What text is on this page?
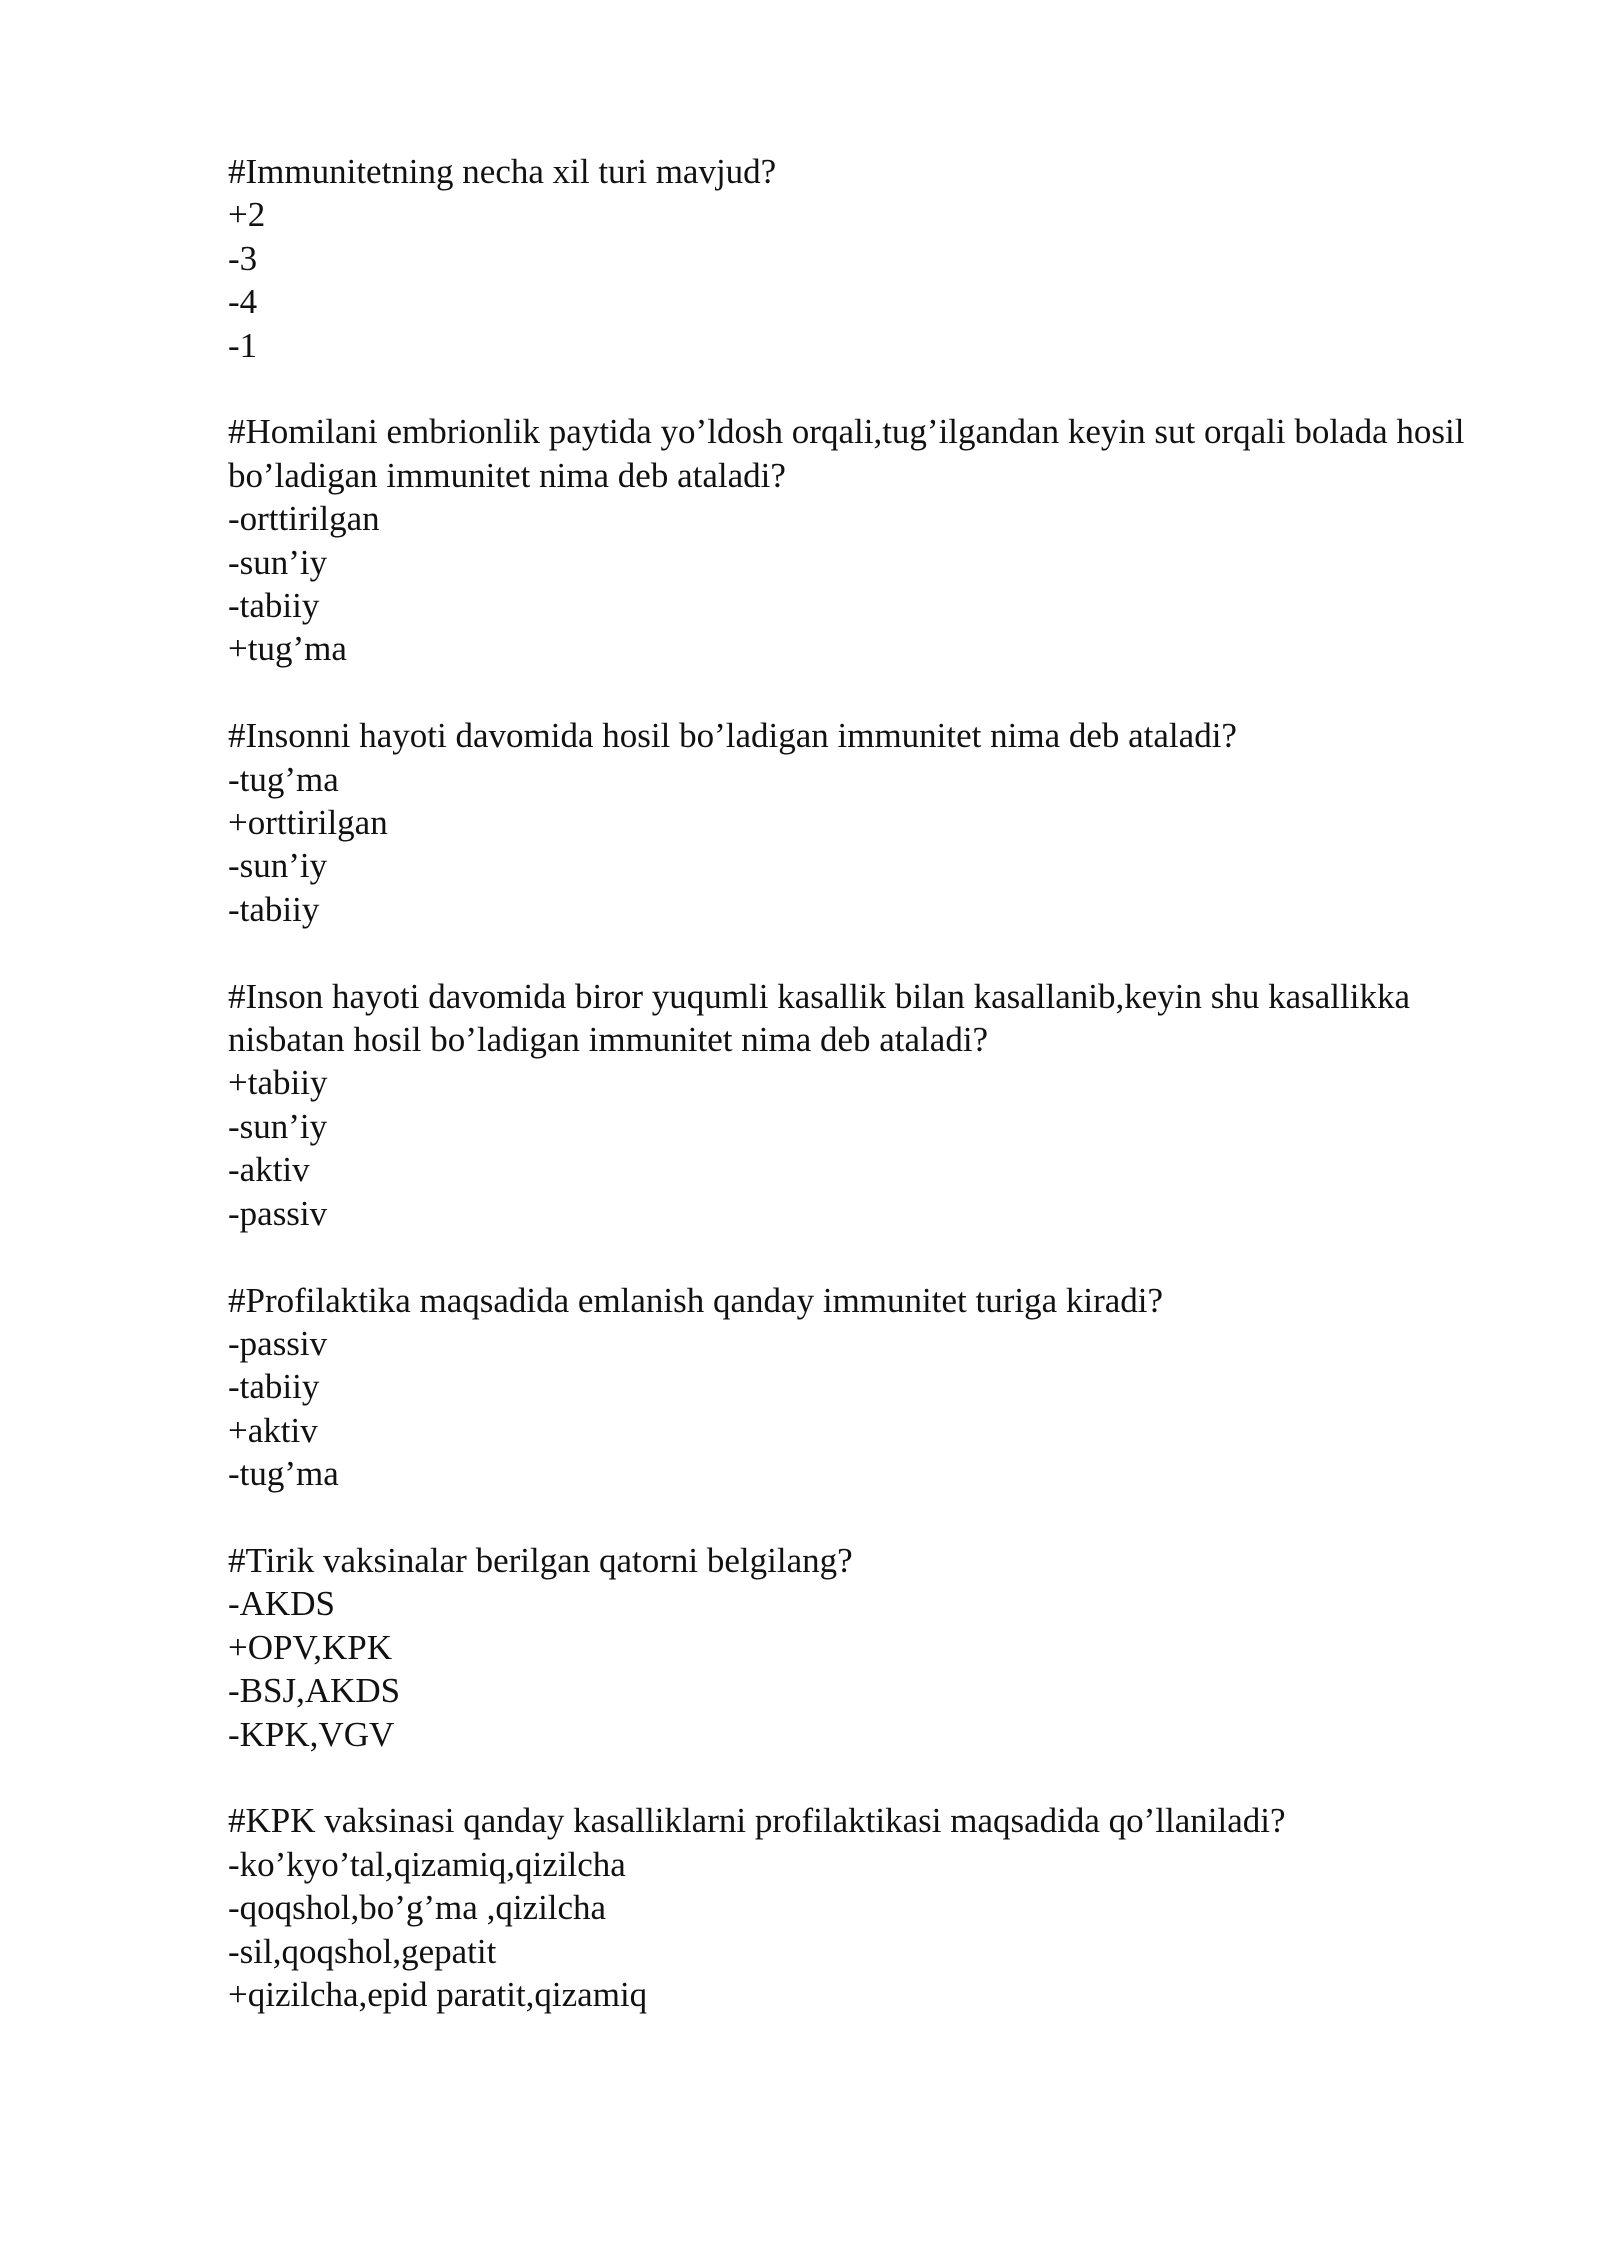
#Immunitetning necha xil turi mavjud?
+2
-3
-4
-1
#Homilani embrionlik paytida yo’ldosh orqali,tug’ilgandan keyin sut orqali bolada hosil bo’ladigan immunitet nima deb ataladi?
-orttirilgan
-sun’iy
-tabiiy
+tug’ma
#Insonni hayoti davomida hosil bo’ladigan immunitet nima deb ataladi?
-tug’ma
+orttirilgan
-sun’iy
-tabiiy
#Inson hayoti davomida biror yuqumli kasallik bilan kasallanib,keyin shu kasallikka nisbatan hosil bo’ladigan immunitet nima deb ataladi?
+tabiiy
-sun’iy
-aktiv
-passiv
#Profilaktika maqsadida emlanish qanday immunitet turiga kiradi?
-passiv
-tabiiy
+aktiv
-tug’ma
#Tirik vaksinalar berilgan qatorni belgilang?
-AKDS
+OPV,KPK
-BSJ,AKDS
-KPK,VGV
#KPK vaksinasi qanday kasalliklarni profilaktikasi maqsadida qo’llaniladi?
-ko’kyo’tal,qizamiq,qizilcha
-qoqshol,bo’g’ma ,qizilcha
-sil,qoqshol,gepatit
+qizilcha,epid paratit,qizamiq
